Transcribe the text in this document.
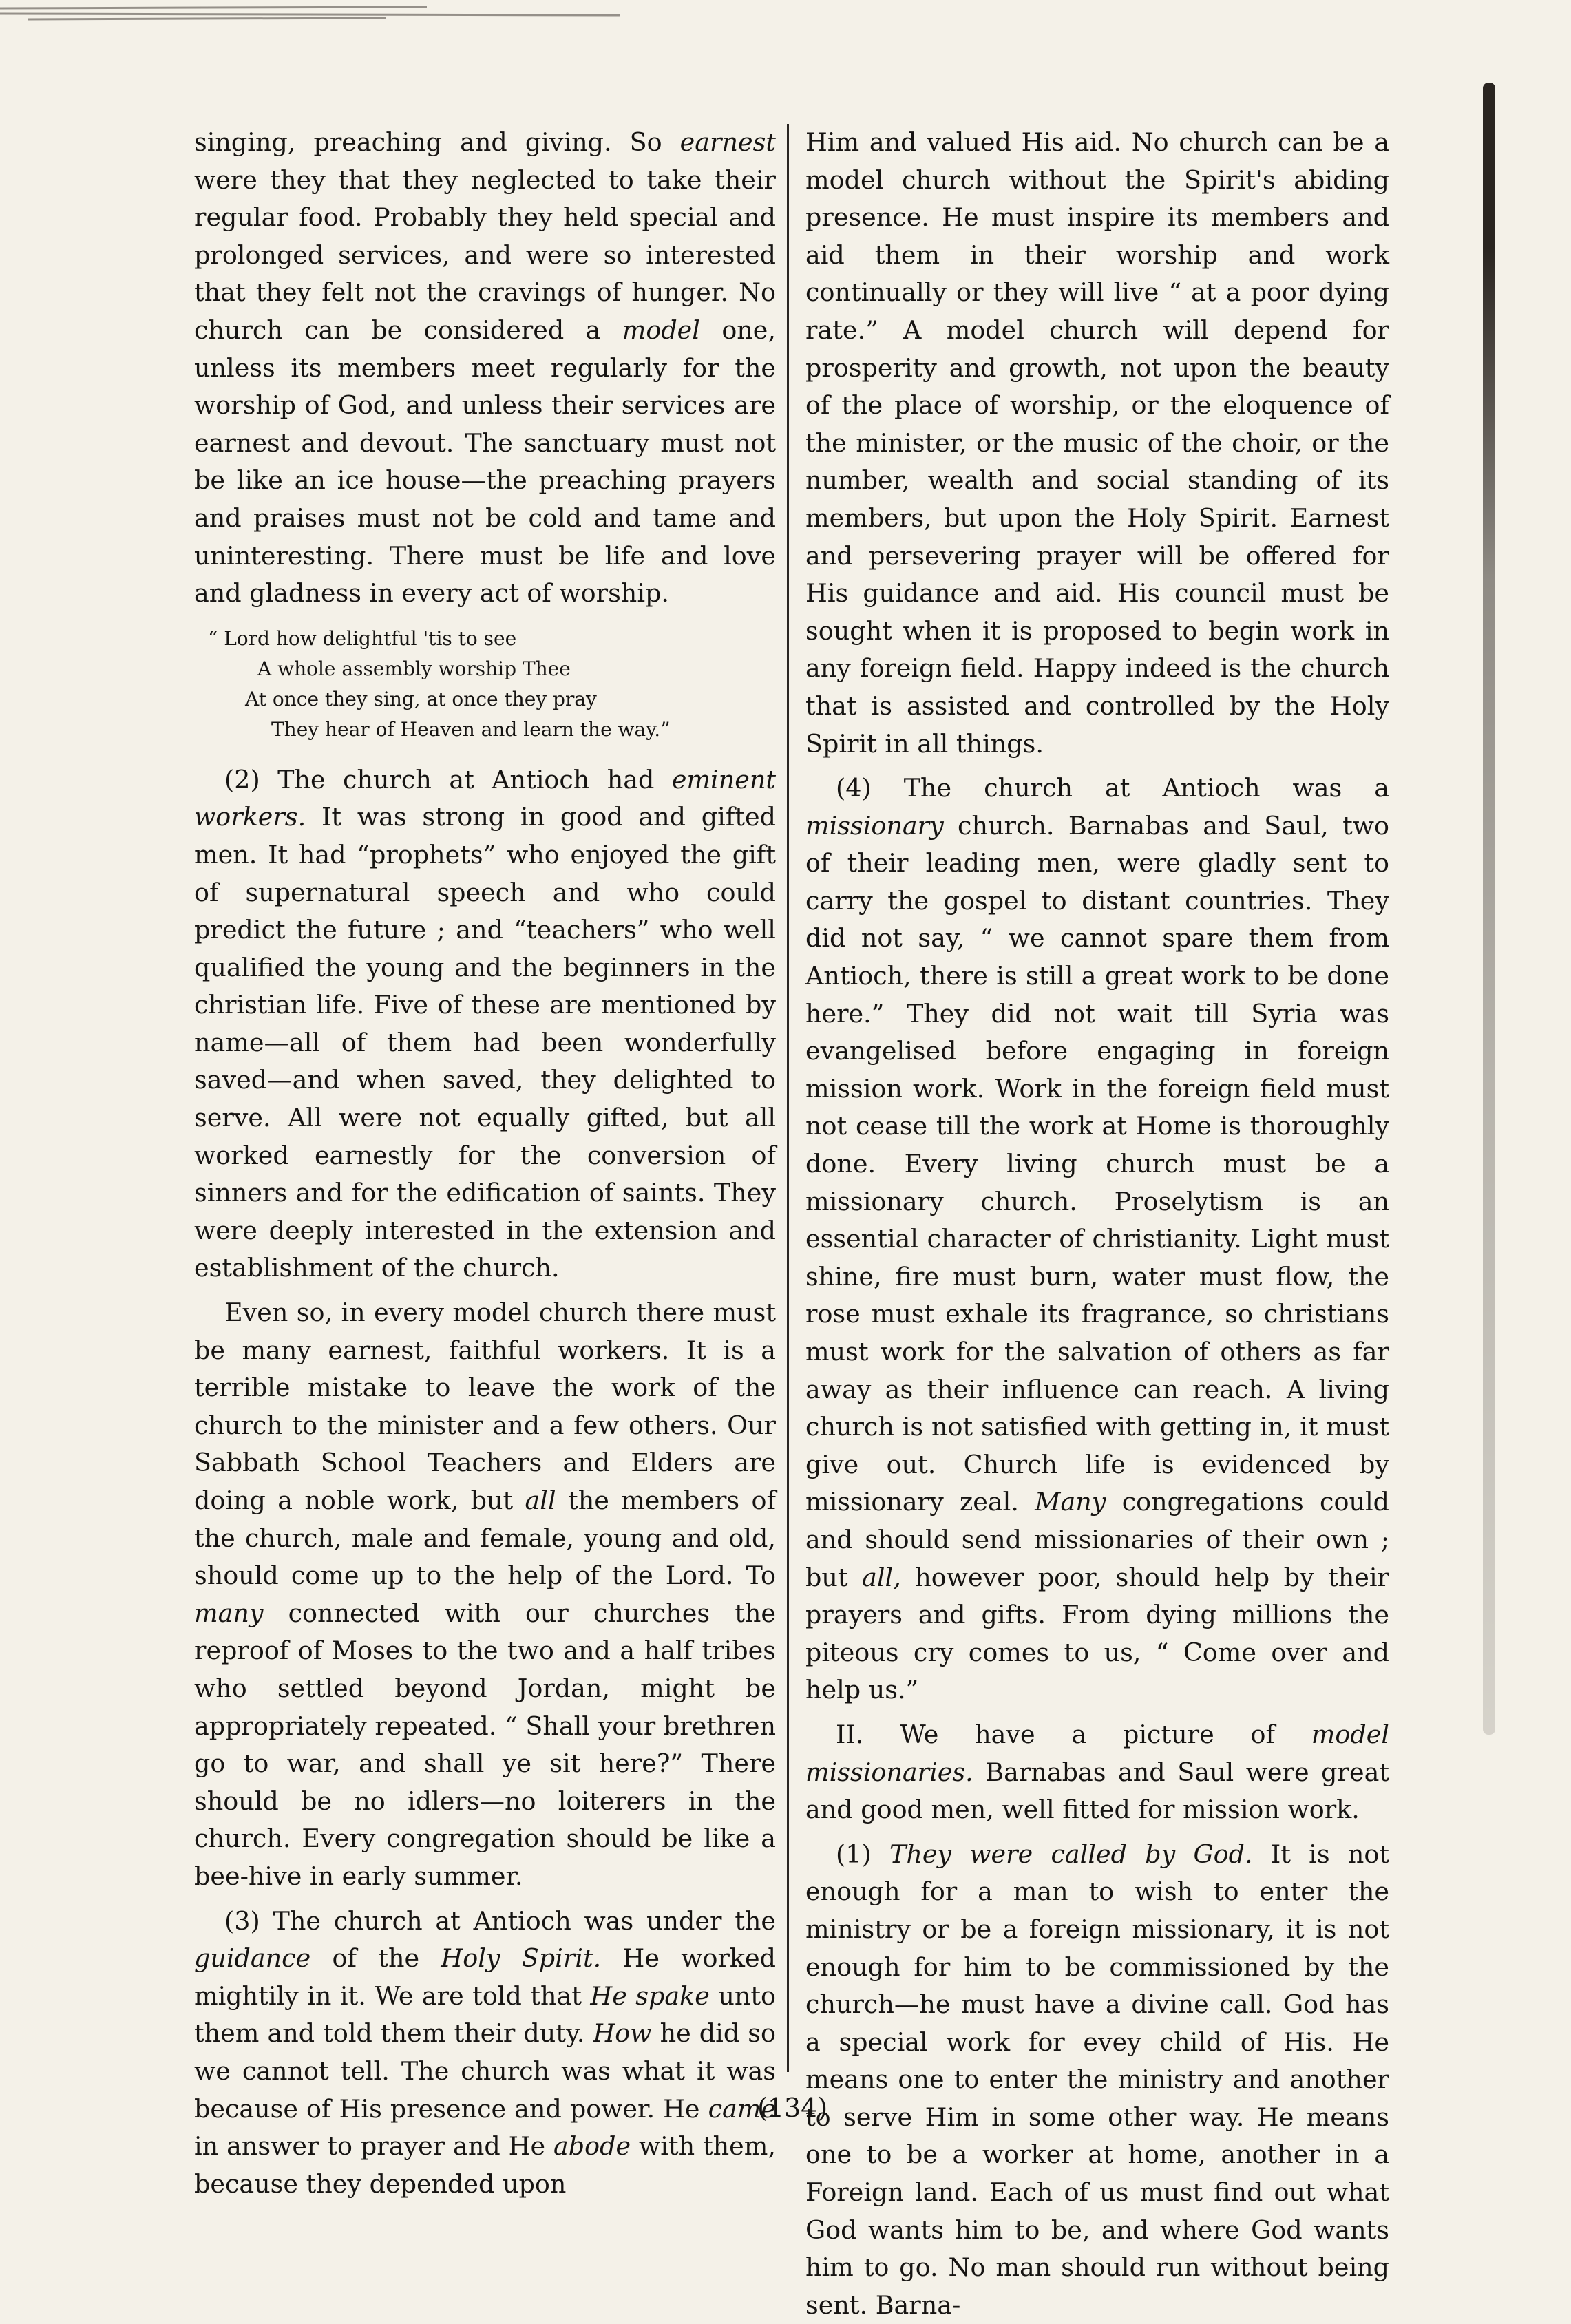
singing, preaching and giving. So earnest were they that they neglected to take their regular food. Probably they held special and prolonged services, and were so interested that they felt not the cravings of hunger. No church can be considered a model one, unless its members meet regularly for the worship of God, and unless their services are earnest and devout. The sanctuary must not be like an ice house—the preaching prayers and praises must not be cold and tame and uninteresting. There must be life and love and gladness in every act of worship.

“ Lord how delightful 'tis to see
A whole assembly worship Thee
At once they sing, at once they pray
They hear of Heaven and learn the way.”

(2) The church at Antioch had eminent workers. It was strong in good and gifted men. It had “prophets” who enjoyed the gift of supernatural speech and who could predict the future ; and “teachers” who well qualified the young and the beginners in the christian life. Five of these are mentioned by name—all of them had been wonderfully saved—and when saved, they delighted to serve. All were not equally gifted, but all worked earnestly for the conversion of sinners and for the edification of saints. They were deeply interested in the extension and establishment of the church.

Even so, in every model church there must be many earnest, faithful workers. It is a terrible mistake to leave the work of the church to the minister and a few others. Our Sabbath School Teachers and Elders are doing a noble work, but all the members of the church, male and female, young and old, should come up to the help of the Lord. To many connected with our churches the reproof of Moses to the two and a half tribes who settled beyond Jordan, might be appropriately repeated. “ Shall your brethren go to war, and shall ye sit here?” There should be no idlers—no loiterers in the church. Every congregation should be like a bee-hive in early summer.

(3) The church at Antioch was under the guidance of the Holy Spirit. He worked mightily in it. We are told that He spake unto them and told them their duty. How he did so we cannot tell. The church was what it was because of His presence and power. He came in answer to prayer and He abode with them, because they depended upon

Him and valued His aid. No church can be a model church without the Spirit's abiding presence. He must inspire its members and aid them in their worship and work continually or they will live “ at a poor dying rate.” A model church will depend for prosperity and growth, not upon the beauty of the place of worship, or the eloquence of the minister, or the music of the choir, or the number, wealth and social standing of its members, but upon the Holy Spirit. Earnest and persevering prayer will be offered for His guidance and aid. His council must be sought when it is proposed to begin work in any foreign field. Happy indeed is the church that is assisted and controlled by the Holy Spirit in all things.

(4) The church at Antioch was a missionary church. Barnabas and Saul, two of their leading men, were gladly sent to carry the gospel to distant countries. They did not say, “ we cannot spare them from Antioch, there is still a great work to be done here.” They did not wait till Syria was evangelised before engaging in foreign mission work. Work in the foreign field must not cease till the work at Home is thoroughly done. Every living church must be a missionary church. Proselytism is an essential character of christianity. Light must shine, fire must burn, water must flow, the rose must exhale its fragrance, so christians must work for the salvation of others as far away as their influence can reach. A living church is not satisfied with getting in, it must give out. Church life is evidenced by missionary zeal. Many congregations could and should send missionaries of their own ; but all, however poor, should help by their prayers and gifts. From dying millions the piteous cry comes to us, “ Come over and help us.”

II. We have a picture of model missionaries. Barnabas and Saul were great and good men, well fitted for mission work.

(1) They were called by God. It is not enough for a man to wish to enter the ministry or be a foreign missionary, it is not enough for him to be commissioned by the church—he must have a divine call. God has a special work for evey child of His. He means one to enter the ministry and another to serve Him in some other way. He means one to be a worker at home, another in a Foreign land. Each of us must find out what God wants him to be, and where God wants him to go. No man should run without being sent. Barna-

(134)
